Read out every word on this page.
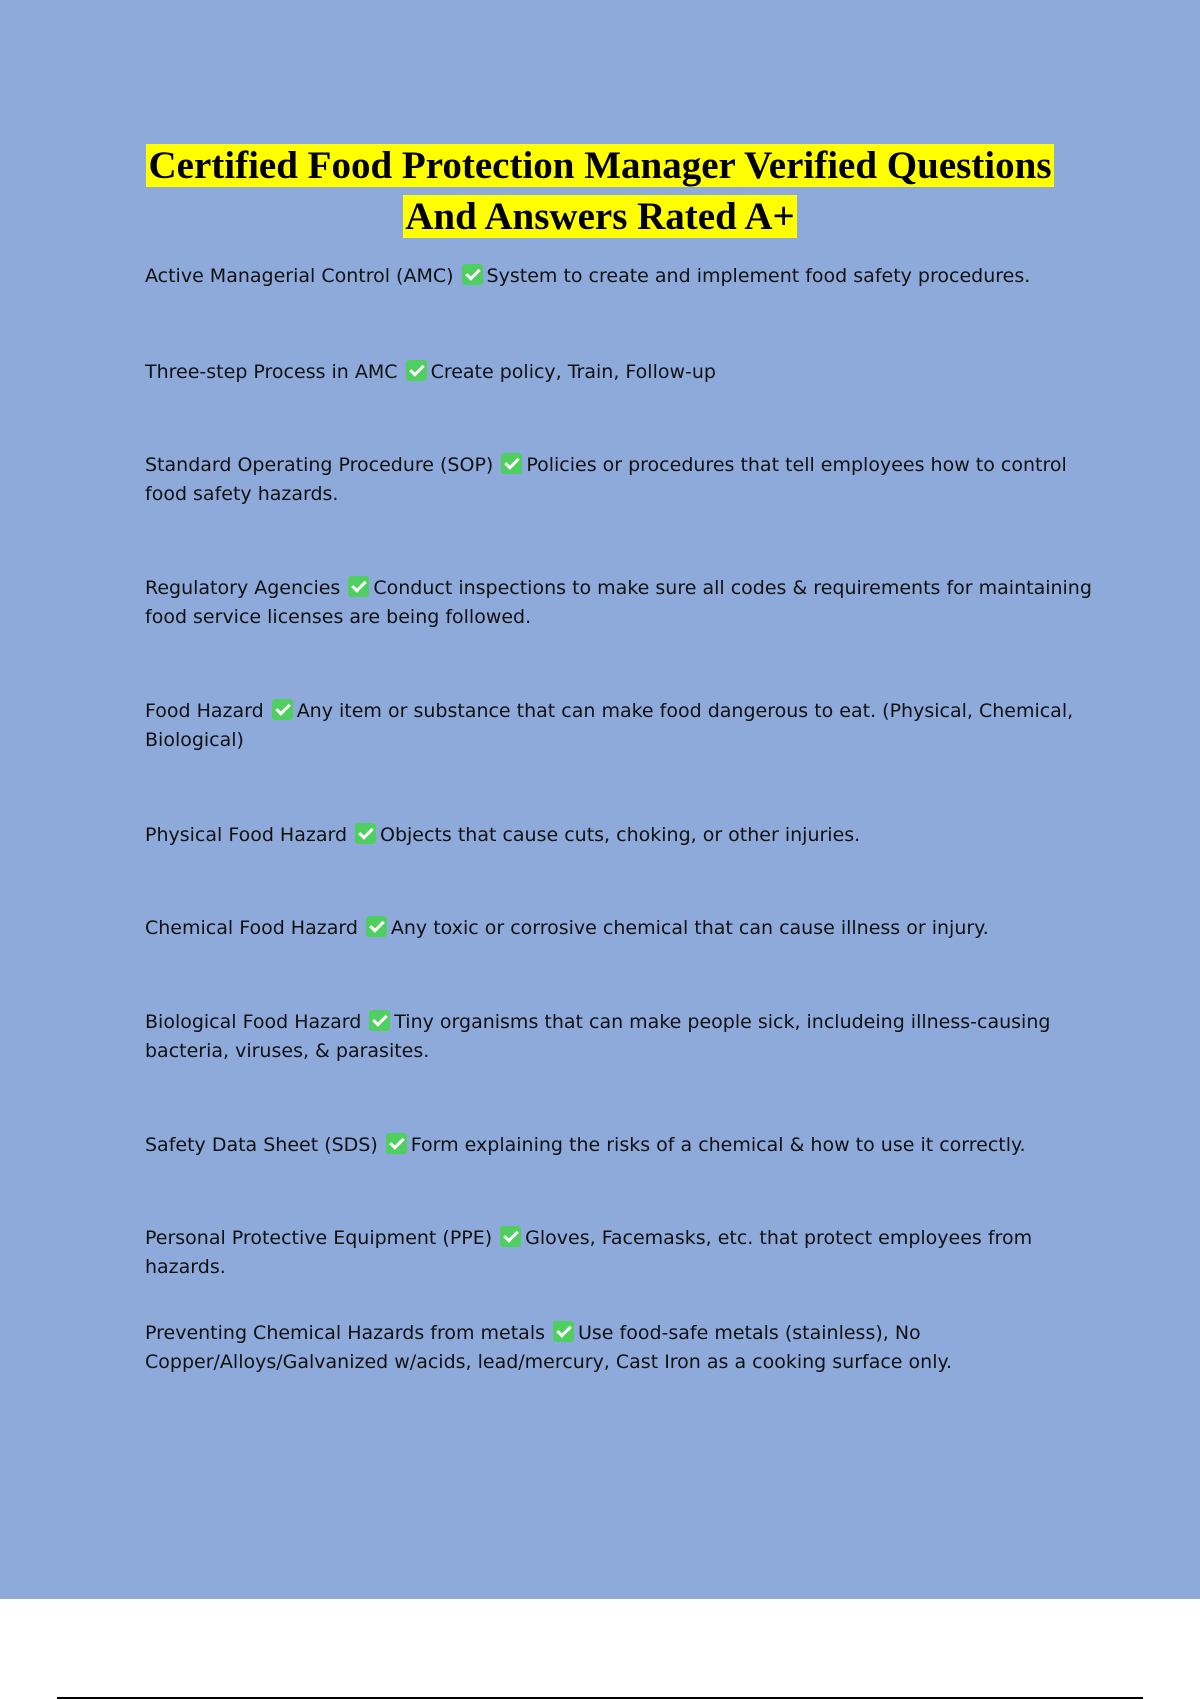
Certified Food Protection Manager Verified Questions
And Answers Rated A+

Active Managerial Control (AMC) System to create and implement food safety procedures.

Three-step Process in AMC Create policy, Train, Follow-up

Standard Operating Procedure (SOP) Policies or procedures that tell employees how to control food safety hazards.

Regulatory Agencies Conduct inspections to make sure all codes & requirements for maintaining food service licenses are being followed.

Food Hazard Any item or substance that can make food dangerous to eat. (Physical, Chemical, Biological)

Physical Food Hazard Objects that cause cuts, choking, or other injuries.

Chemical Food Hazard Any toxic or corrosive chemical that can cause illness or injury.

Biological Food Hazard Tiny organisms that can make people sick, includeing illness-causing bacteria, viruses, & parasites.

Safety Data Sheet (SDS) Form explaining the risks of a chemical & how to use it correctly.

Personal Protective Equipment (PPE) Gloves, Facemasks, etc. that protect employees from hazards.

Preventing Chemical Hazards from metals Use food-safe metals (stainless), No Copper/Alloys/Galvanized w/acids, lead/mercury, Cast Iron as a cooking surface only.
